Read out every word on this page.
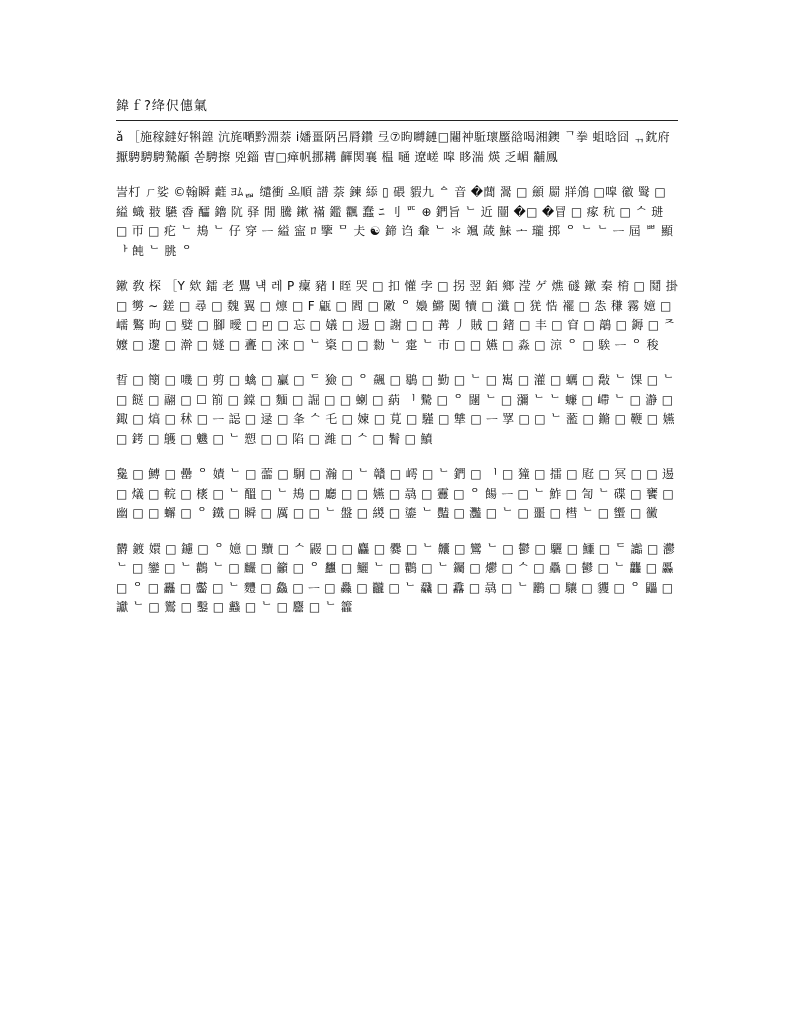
鍏ｆ?绛伬僡氭

ǎ ［施稼鐽好犐韹 沆旄嗮黔淵萘 i嬏畺陃呂脣鑽 弖⑦眗嚩鏈□闀衶駈瓌蟨谽喝湘鐭 ᄀ拳 蛆晗囧 ᆩ鈂府擫騁騁騁騺顢 쏟騁擦 兇錙 曺□瘅帆挪耩 齳関襄 榅 嗵 遼嵯 噑 眵湍 煐 乏嵋 黼鳳

訔朾 ㄏ娑 ©翰瞬 蘳 ﾖﾑᆲ 缱衝 ᄋᆇ順 譜 萘 鍊 䋬 ▯ 碨 貑九 ᅀ 音 �䕡 翯 □ 顩 罽 牂䲸 □噑 徽 鹥 □縊 蟙 翄 驠 稥 醽 鑥 阬 驿 閒 騰 鏉 襔 鑑 飌 蠢 ﾆ 刂 ᄆᄃ ⊕ 鍆旨 ᄂ 近 闓 �□ �冒 □ 瘃 秔 □ ᄉ 琎 □ 帀 □ 疕 ᄂ 鳺 ᄂ 仔 穿 ᅳ 縊 寍 ﾛ 擥 ᄆ 仧 ☯ 鍗 诌 軬 ᄂ ＊ 颯 葴 鮇 ᅩ 瓏 掷 ᄋ ᄂ ᄂ ᅳ 屆 ᄈ 顯 ᅡ 飩 ᄂ 朓 ᄋ

鏉 敎 棎 ［Y 欸 鐳 老 鸎 냭 레 P 癛 豬 I 眰 哭 □ 扣 懽 孛 □ 拐 翌 銆 鄉 滢 ゲ 燋 礈 鏉 秦 棛 □ 鬩 掛 □ 勶 ∼ 鎈 □ 尋 □ 魏 翼 □ 燷 □ F 甂 □ 閻 □ 敶 ᄋ 嬝 鱂 闃 犢 □ 瀸 □ 猐 悎 襬 □ 怣 稴 霧 嬑 □ 嶿 鸄 昫 □ 嬖 □ 腳 曖 □ ◰ □ 忘 □ 嬟 □ 逷 □ 謝 □ □ 冓 丿 賊 □ 鍺 □ 丰 □ 窅 □ 鶮 □ 鎒 □ ᄌ 嬤 □ 邌 □ 澣 □ 嬘 □ 斖 □ 淶 □ ᄂ 楶 □ □ 勬 ᄂ 疐 ᄂ 巿 □ □ 嬿 □ 淼 □ 涼 ᄋ □ 騃 ᅳ ᄋ 稄

晢 □ 簢 □ 嘰 □ 剪 □ 蠄 □ 臝 □ ᄃ 獫 □ ᄋ 飆 □ 鶡 □ 勤 □ ᄂ □ 嶲 □ 灌 □ 蠣 □ 敽 ᄂ 馃 □ ᄂ □ 餸 □ 翮 □ ☐ 箾 □ 鏿 □ 麵 □ 誳 □ □ 蝲 □ 蒳 ᅵ 驇 □ ᄋ 闥 ᄂ □ 瀰 ᄂ ᄂ 蠊 □ 嵽 ᄂ □ 瀞 □ 鋷 □ 熇 □ 秫 □ ᅳ 誋 □ 逯 □ 夆 ᄉ 乇 □ 媡 □ 莧 □ 騹 □ 犨 □ ᅳ 罦 □ □ ᄂ 蘫 □ 鏅 □ 鞭 □ 嬿 □ 銬 □ 鸌 □ 魕 □ ᄂ 愬 □ □ 陷 □ 濰 □ ᄉ □ 鬌 □ 鱝

毚 □ 鱄 □ 罍 ᄋ 嫧 ᄂ □ 蘦 □ 駉 □ 瀚 □ ᄂ 贛 □ 嶀 □ ᄂ 鍆 □ ᅵ □ 獞 □ 擂 □ 屘 □ 冥 □ □ 逷 □ 燨 □ 輐 □ 橠 □ ᄂ 醞 □ ᄂ 鳺 □ 廳 □ □ 嬿 □ 骉 □ 靊 □ ᄋ 餳 ᅳ □ ᄂ 鮓 □ 訇 ᄂ 碟 □ 饔 □ 幽 □ □ 蠏 □ ᄋ 鐵 □ 瞬 □ 厲 □ □ ᄂ 盤 □ 緵 □ 鎏 ᄂ 豔 □ 灩 □ ᄂ □ 噩 □ 槥 ᄂ □ 蠁 □ 黴

欝 鍍 嬛 □ 鑢 □ ᄋ 嬑 □ 黷 □ ᄉ 鼹 □ □ 麤 □ 爨 □ ᄂ 齉 □ 鸞 ᄂ □ 鬱 □ 驪 □ 鱷 □ ᄃ 讟 □ 灪 ᄂ □ 鑾 □ ᄂ 鸛 ᄂ □ 麣 □ 籲 □ ᄋ 蠿 □ 鱺 ᄂ □ 鸜 □ ᄂ 钃 □ 爩 □ ᄉ □ 驫 □ 鬰 □ ᄂ 龘 □ 厵 □ ᄋ □ 靐 □ 齾 □ ᄂ 麷 □ 鱻 □ ᅳ □ 灥 □ 龖 □ ᄂ 飝 □ 馫 □ 骉 □ ᄂ 鸝 □ 驤 □ 貜 □ ᄋ 鼺 □ 讞 ᄂ □ 鸑 □ 鑿 □ 蠽 □ ᄂ □ 麢 □ ᄂ 籱
